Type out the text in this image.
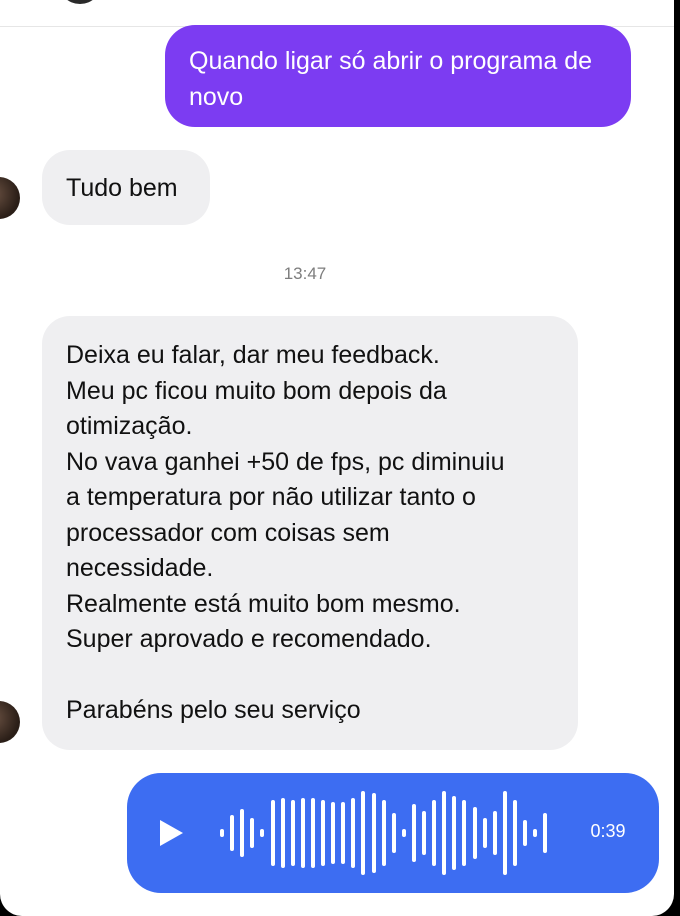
Quando ligar só abrir o programa de
novo
Tudo bem
13:47

Deixa eu falar, dar meu feedback.

Meu pc ficou muito bom depois da
otimização.

No vava ganhei +50 de fps, pc diminuiu
a temperatura por não utilizar tanto o
processador com coisas sem
necessidade.

Realmente está muito bom mesmo.

Super aprovado e recomendado.

Parabéns pelo seu serviço

0:39
